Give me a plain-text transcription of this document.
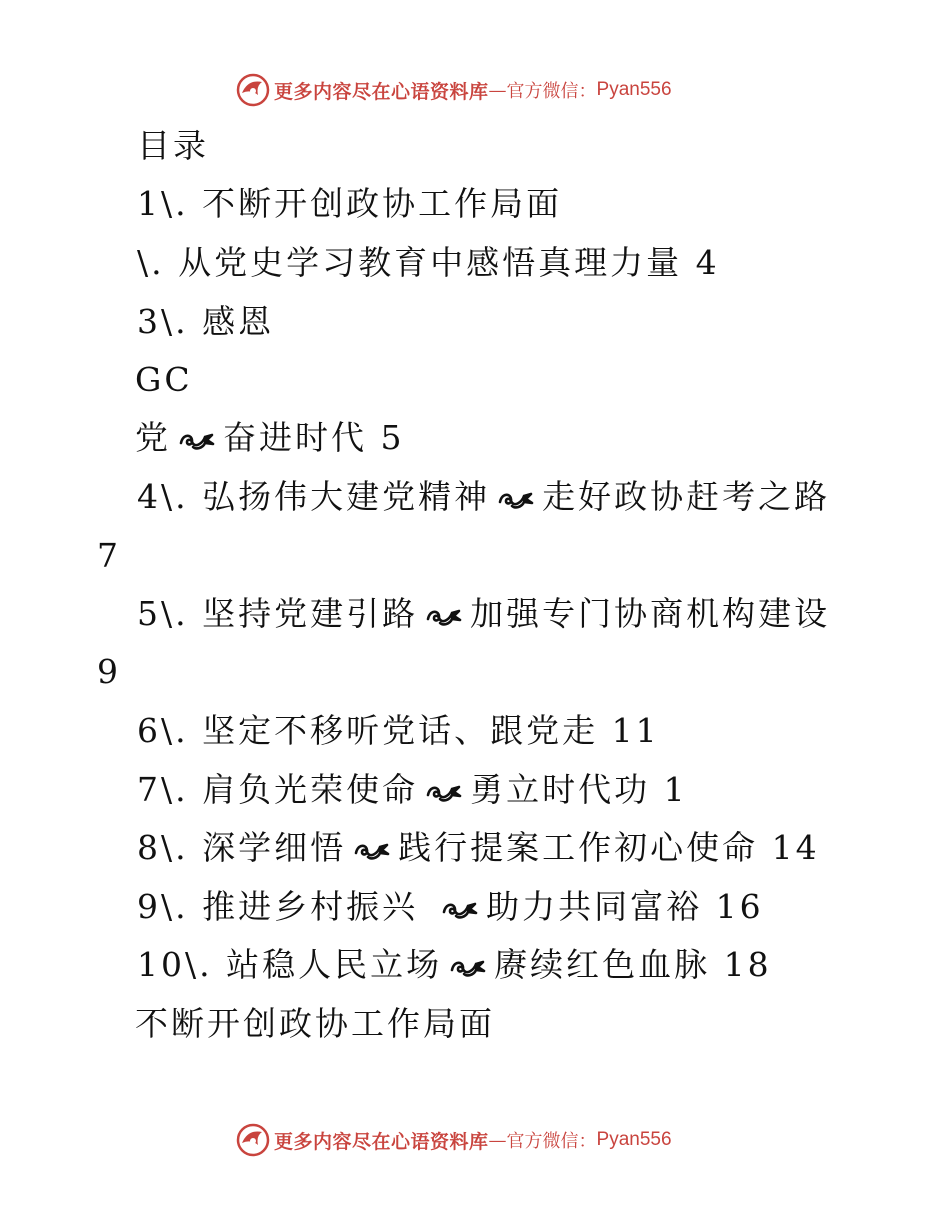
更多内容尽在心语资料库 — 官方微信： Pyan556
目录
1\. 不断开创政协工作局面
\. 从党史学习教育中感悟真理力量 4
3\. 感恩
GC
党 奋进时代 5
4\. 弘扬伟大建党精神 走好政协赶考之路
7
5\. 坚持党建引路 加强专门协商机构建设
9
6\. 坚定不移听党话、跟党走 11
7\. 肩负光荣使命 勇立时代功 1
8\. 深学细悟 践行提案工作初心使命 14
9\. 推进乡村振兴 助力共同富裕 16
10\. 站稳人民立场 赓续红色血脉 18
不断开创政协工作局面
更多内容尽在心语资料库 — 官方微信： Pyan556
